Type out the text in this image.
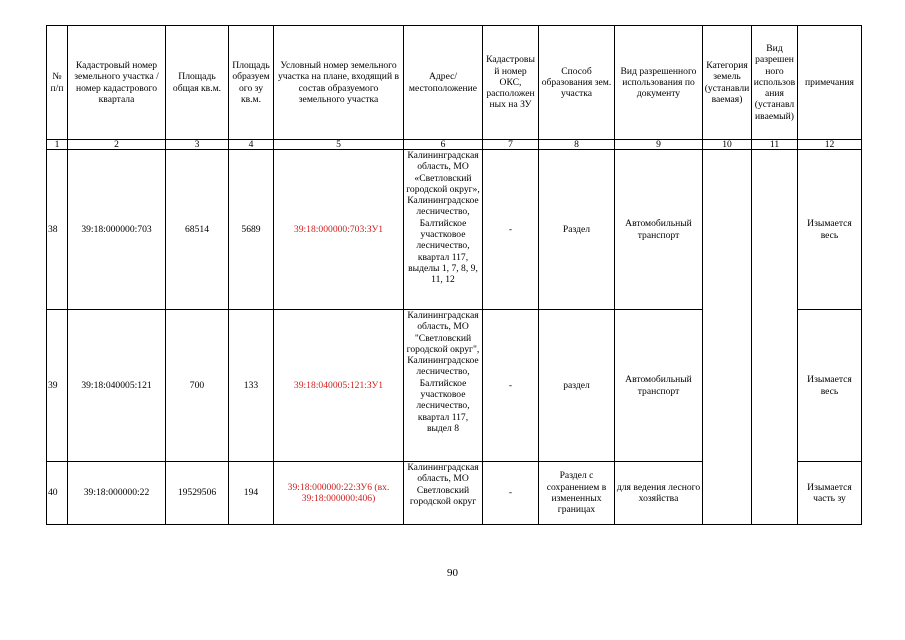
№ п/п	Кадастровый номер земельного участка /номер кадастрового квартала	Площадь общая кв.м.	Площадь образуемого зу кв.м.	Условный номер земельного участка на плане, входящий в состав образуемого земельного участка	Адрес/ местоположение	Кадастровый номер ОКС, расположенных на ЗУ	Способ образования зем. участка	Вид разрешенного использования по документу	Категория земель (устанавливаемая)	Вид разрешенного использования (устанавливаемый)	примечания
1	2	3	4	5	6	7	8	9	10	11	12
38	39:18:000000:703	68514	5689	39:18:000000:703:ЗУ1	Калининградская область, МО «Светловский городской округ», Калининградское лесничество, Балтийское участковое лесничество, квартал 117, выделы 1, 7, 8, 9, 11, 12	-	Раздел	Автомобильный транспорт			Изымается весь
39	39:18:040005:121	700	133	39:18:040005:121:ЗУ1	Калининградская область, МО "Светловский городской округ", Калининградское лесничество, Балтийское участковое лесничество, квартал 117, выдел 8	-	раздел	Автомобильный транспорт			Изымается весь
40	39:18:000000:22	19529506	194	39:18:000000:22:ЗУ6 (вх. 39:18:000000:406)	Калининградская область, МО Светловский городской округ	-	Раздел с сохранением в измененных границах	для ведения лесного хозяйства			Изымается часть зу
90
